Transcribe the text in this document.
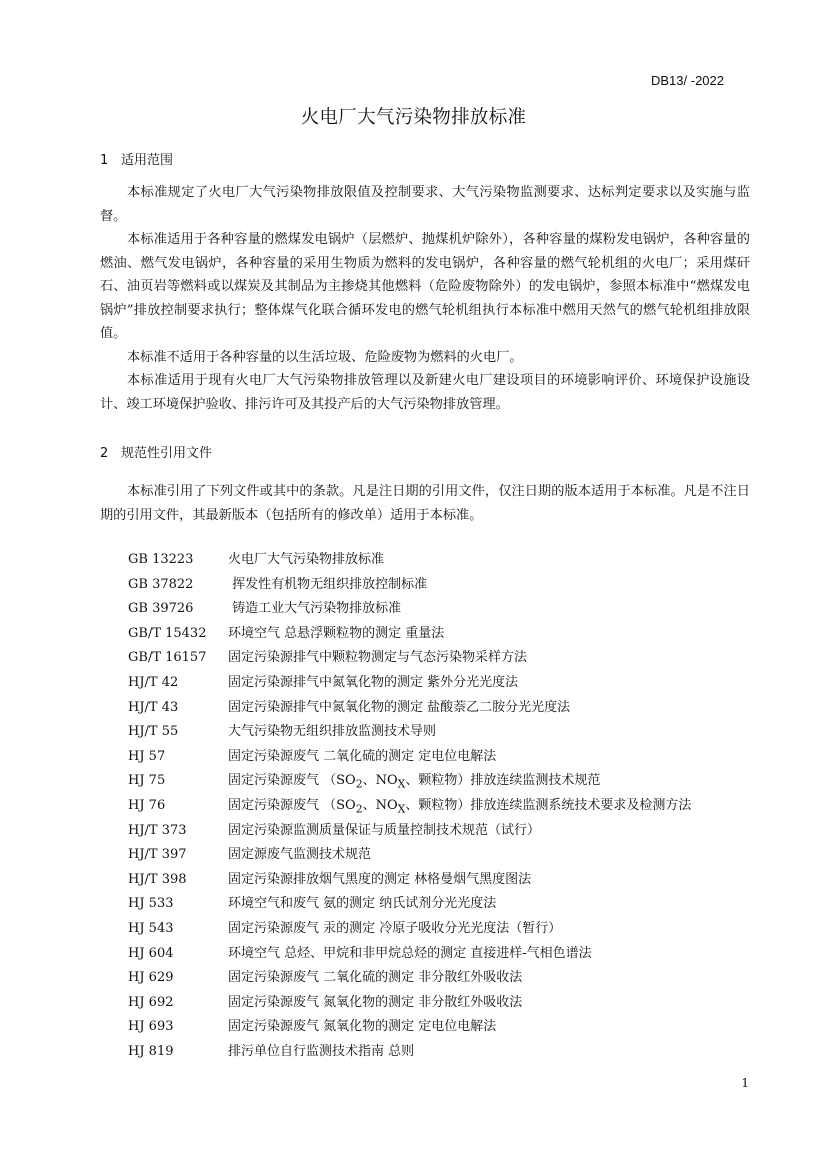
DB13/ -2022
火电厂大气污染物排放标准
1 适用范围

本标准规定了火电厂大气污染物排放限值及控制要求、大气污染物监测要求、达标判定要求以及实施与监督。

本标准适用于各种容量的燃煤发电锅炉（层燃炉、抛煤机炉除外），各种容量的煤粉发电锅炉，各种容量的燃油、燃气发电锅炉，各种容量的采用生物质为燃料的发电锅炉，各种容量的燃气轮机组的火电厂；采用煤矸石、油页岩等燃料或以煤炭及其制品为主掺烧其他燃料（危险废物除外）的发电锅炉，参照本标准中“燃煤发电锅炉”排放控制要求执行；整体煤气化联合循环发电的燃气轮机组执行本标准中燃用天然气的燃气轮机组排放限值。

本标准不适用于各种容量的以生活垃圾、危险废物为燃料的火电厂。

本标准适用于现有火电厂大气污染物排放管理以及新建火电厂建设项目的环境影响评价、环境保护设施设计、竣工环境保护验收、排污许可及其投产后的大气污染物排放管理。

2 规范性引用文件

本标准引用了下列文件或其中的条款。凡是注日期的引用文件，仅注日期的版本适用于本标准。凡是不注日期的引用文件，其最新版本（包括所有的修改单）适用于本标准。

GB 13223	火电厂大气污染物排放标准
GB 37822	挥发性有机物无组织排放控制标准
GB 39726	铸造工业大气污染物排放标准
GB/T 15432 环境空气 总悬浮颗粒物的测定 重量法
GB/T 16157 固定污染源排气中颗粒物测定与气态污染物采样方法
HJ/T 42	固定污染源排气中氮氧化物的测定 紫外分光光度法
HJ/T 43	固定污染源排气中氮氧化物的测定 盐酸萘乙二胺分光光度法
HJ/T 55	大气污染物无组织排放监测技术导则
HJ 57	固定污染源废气 二氧化硫的测定 定电位电解法
HJ 75	固定污染源废气 （$SO_2$、$NO_X$、颗粒物）排放连续监测技术规范
HJ 76	固定污染源废气 （$SO_2$、$NO_X$、颗粒物）排放连续监测系统技术要求及检测方法
HJ/T 373	固定污染源监测质量保证与质量控制技术规范（试行）
HJ/T 397	固定源废气监测技术规范
HJ/T 398	固定污染源排放烟气黑度的测定 林格曼烟气黑度图法
HJ 533	环境空气和废气 氨的测定 纳氏试剂分光光度法
HJ 543	固定污染源废气 汞的测定 冷原子吸收分光光度法（暂行）
HJ 604	环境空气 总烃、甲烷和非甲烷总烃的测定 直接进样-气相色谱法
HJ 629	固定污染源废气 二氧化硫的测定 非分散红外吸收法
HJ 692	固定污染源废气 氮氧化物的测定 非分散红外吸收法
HJ 693	固定污染源废气 氮氧化物的测定 定电位电解法
HJ 819	排污单位自行监测技术指南 总则
1
